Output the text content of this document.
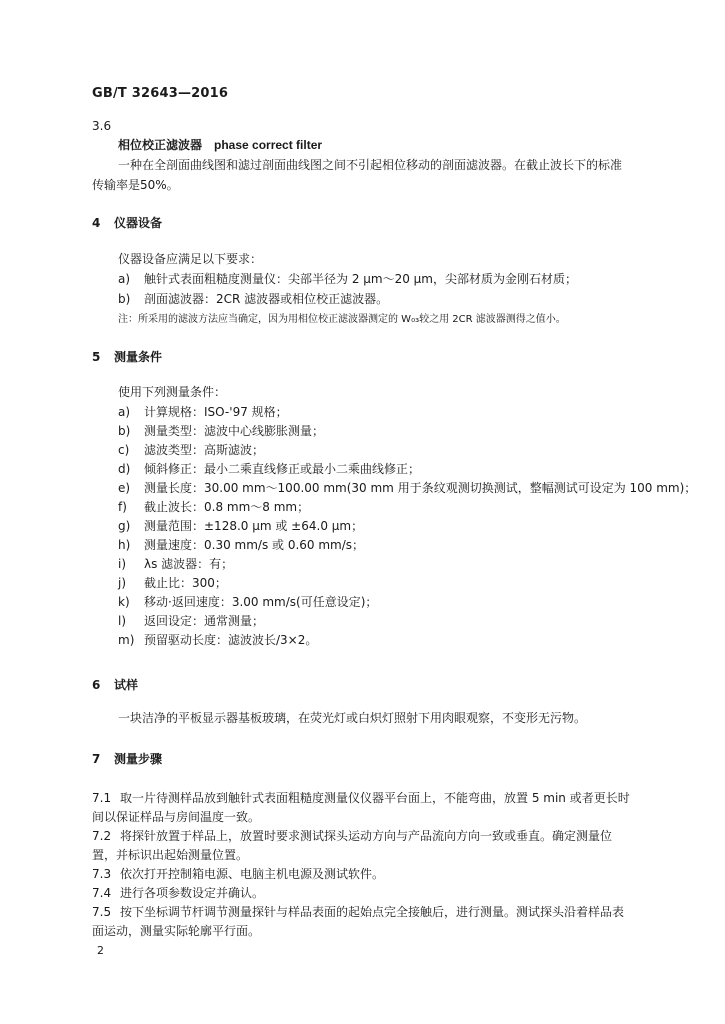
GB/T 32643—2016
3.6
相位校正滤波器 phase correct filter
一种在全剖面曲线图和滤过剖面曲线图之间不引起相位移动的剖面滤波器。在截止波长下的标准
传输率是50%。
4 仪器设备
仪器设备应满足以下要求：
a) 触针式表面粗糙度测量仪：尖部半径为 2 μm～20 μm，尖部材质为金刚石材质；
b) 剖面滤波器：2CR 滤波器或相位校正滤波器。
注：所采用的滤波方法应当确定，因为用相位校正滤波器测定的 W₀₃较之用 2CR 滤波器测得之值小。
5 测量条件
使用下列测量条件：
a) 计算规格：ISO-'97 规格；
b) 测量类型：滤波中心线膨胀测量；
c) 滤波类型：高斯滤波；
d) 倾斜修正：最小二乘直线修正或最小二乘曲线修正；
e) 测量长度：30.00 mm～100.00 mm(30 mm 用于条纹观测切换测试，整幅测试可设定为 100 mm)；
f) 截止波长：0.8 mm～8 mm；
g) 测量范围：±128.0 μm 或 ±64.0 μm；
h) 测量速度：0.30 mm/s 或 0.60 mm/s；
i) λs 滤波器：有；
j) 截止比：300；
k) 移动·返回速度：3.00 mm/s(可任意设定)；
l) 返回设定：通常测量；
m) 预留驱动长度：滤波波长/3×2。
6 试样
一块洁净的平板显示器基板玻璃，在荧光灯或白炽灯照射下用肉眼观察，不变形无污物。
7 测量步骤
7.1 取一片待测样品放到触针式表面粗糙度测量仪仪器平台面上，不能弯曲，放置 5 min 或者更长时
间以保证样品与房间温度一致。
7.2 将探针放置于样品上，放置时要求测试探头运动方向与产品流向方向一致或垂直。确定测量位
置，并标识出起始测量位置。
7.3 依次打开控制箱电源、电脑主机电源及测试软件。
7.4 进行各项参数设定并确认。
7.5 按下坐标调节杆调节测量探针与样品表面的起始点完全接触后，进行测量。测试探头沿着样品表
面运动，测量实际轮廓平行面。
2
